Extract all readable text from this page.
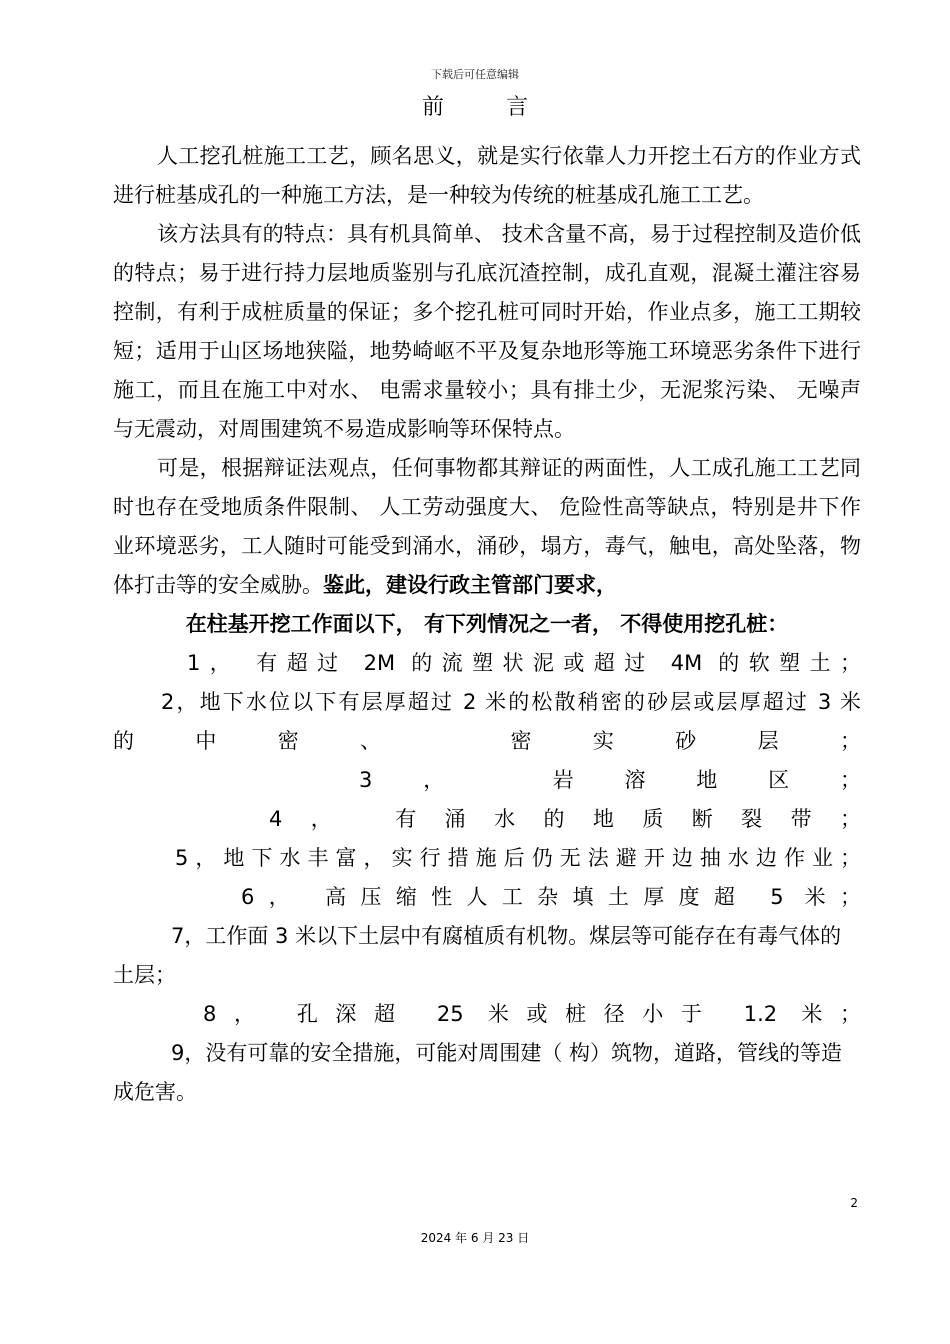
下载后可任意编辑
前言

人工挖孔桩施工工艺，顾名思义，就是实行依靠人力开挖土石方的作业方式进行桩基成孔的一种施工方法，是一种较为传统的桩基成孔施工工艺。

该方法具有的特点：具有机具简单、 技术含量不高，易于过程控制及造价低的特点；易于进行持力层地质鉴别与孔底沉渣控制，成孔直观，混凝土灌注容易控制，有利于成桩质量的保证；多个挖孔桩可同时开始，作业点多，施工工期较短；适用于山区场地狭隘，地势崎岖不平及复杂地形等施工环境恶劣条件下进行施工，而且在施工中对水、 电需求量较小；具有排土少，无泥浆污染、 无噪声与无震动，对周围建筑不易造成影响等环保特点。

可是，根据辩证法观点，任何事物都其辩证的两面性，人工成孔施工工艺同时也存在受地质条件限制、 人工劳动强度大、 危险性高等缺点，特别是井下作业环境恶劣，工人随时可能受到涌水，涌砂，塌方，毒气，触电，高处坠落，物体打击等的安全威胁。鉴此，建设行政主管部门要求，

在柱基开挖工作面以下， 有下列情况之一者， 不得使用挖孔桩：

1， 有超过 2M 的流塑状泥或超过 4M 的软塑土；

2，地下水位以下有层厚超过 2 米的松散稍密的砂层或层厚超过 3 米

的中密、 密实砂层；

3， 岩溶地区；

4， 有涌水的地质断裂带；

5，地下水丰富，实行措施后仍无法避开边抽水边作业；

6， 高压缩性人工杂填土厚度超 5 米；

7，工作面 3 米以下土层中有腐植质有机物。煤层等可能存在有毒气体的土层；

8， 孔深超 25 米或桩径小于 1.2 米；

9，没有可靠的安全措施，可能对周围建（ 构）筑物，道路，管线的等造成危害。

2
2024 年 6 月 23 日
